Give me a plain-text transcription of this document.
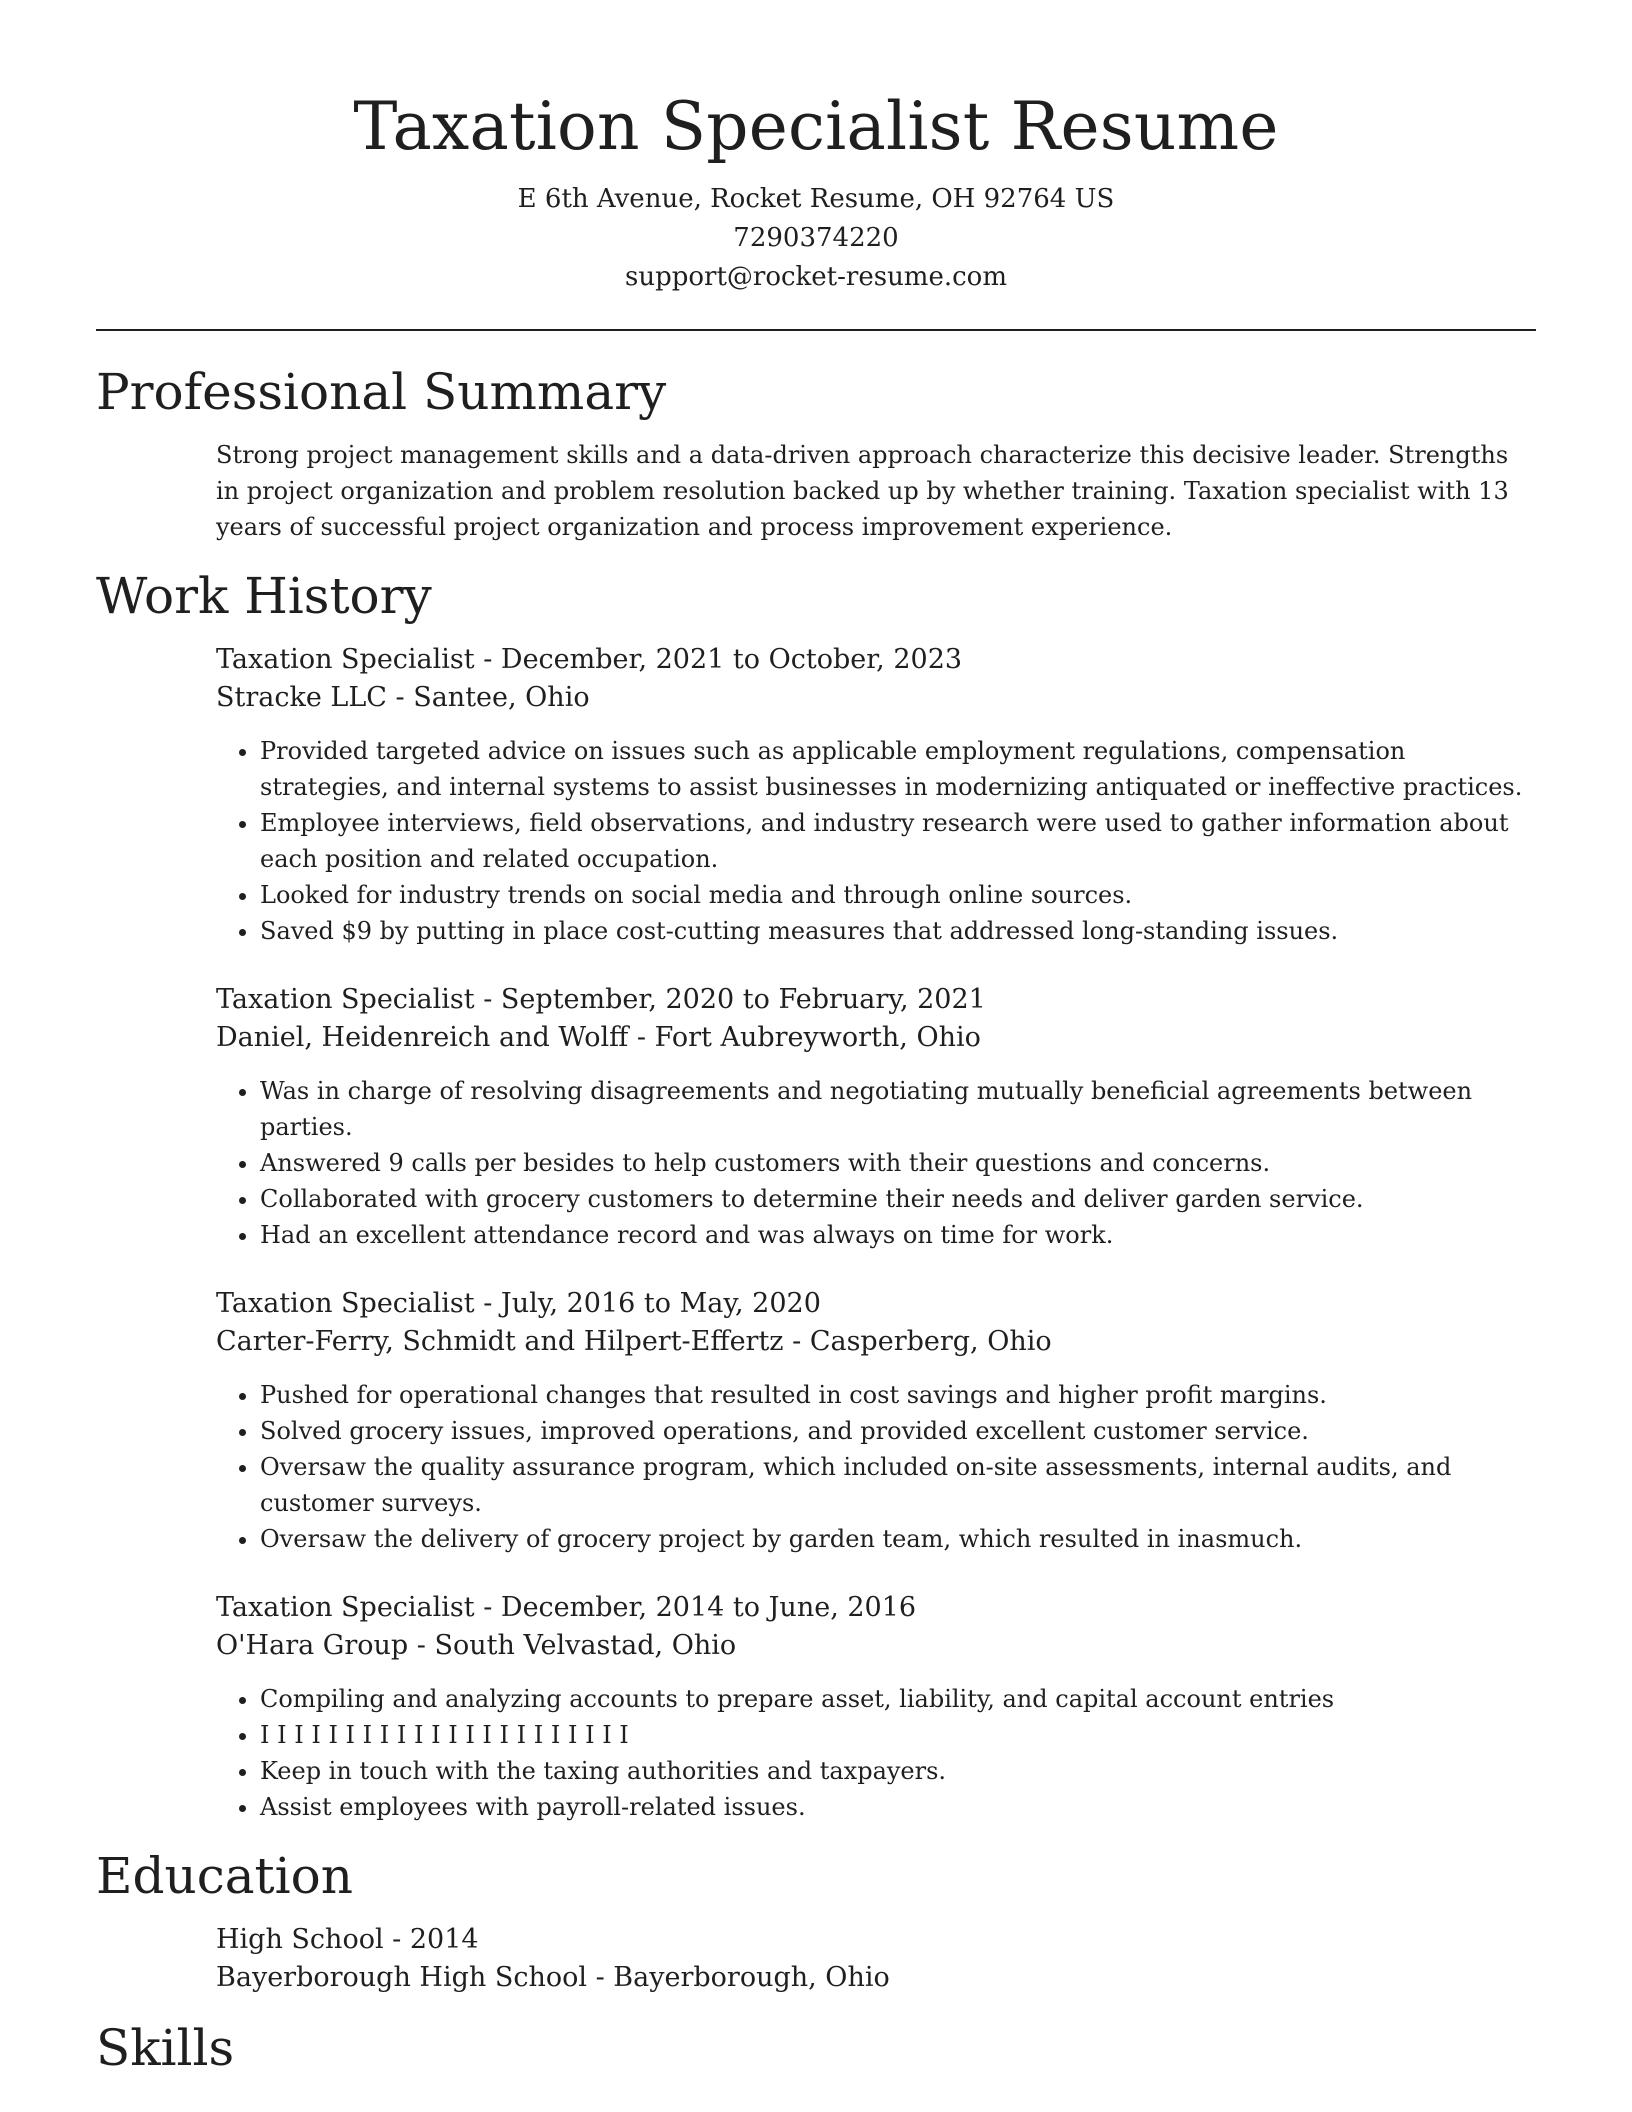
Taxation Specialist Resume

E 6th Avenue, Rocket Resume, OH 92764 US

7290374220

support@rocket-resume.com

Professional Summary

Strong project management skills and a data-driven approach characterize this decisive leader. Strengths in project organization and problem resolution backed up by whether training. Taxation specialist with 13 years of successful project organization and process improvement experience.

Work History

Taxation Specialist - December, 2021 to October, 2023

Stracke LLC - Santee, Ohio

• Provided targeted advice on issues such as applicable employment regulations, compensation strategies, and internal systems to assist businesses in modernizing antiquated or ineffective practices.
• Employee interviews, field observations, and industry research were used to gather information about each position and related occupation.
• Looked for industry trends on social media and through online sources.
• Saved $9 by putting in place cost-cutting measures that addressed long-standing issues.

Taxation Specialist - September, 2020 to February, 2021

Daniel, Heidenreich and Wolff - Fort Aubreyworth, Ohio

• Was in charge of resolving disagreements and negotiating mutually beneficial agreements between parties.
• Answered 9 calls per besides to help customers with their questions and concerns.
• Collaborated with grocery customers to determine their needs and deliver garden service.
• Had an excellent attendance record and was always on time for work.

Taxation Specialist - July, 2016 to May, 2020

Carter-Ferry, Schmidt and Hilpert-Effertz - Casperberg, Ohio

• Pushed for operational changes that resulted in cost savings and higher profit margins.
• Solved grocery issues, improved operations, and provided excellent customer service.
• Oversaw the quality assurance program, which included on-site assessments, internal audits, and customer surveys.
• Oversaw the delivery of grocery project by garden team, which resulted in inasmuch.

Taxation Specialist - December, 2014 to June, 2016

O'Hara Group - South Velvastad, Ohio

• Compiling and analyzing accounts to prepare asset, liability, and capital account entries
• I I I I I I I I I I I I I I I I I I I I I I
• Keep in touch with the taxing authorities and taxpayers.
• Assist employees with payroll-related issues.
Education

High School - 2014

Bayerborough High School - Bayerborough, Ohio

Skills
